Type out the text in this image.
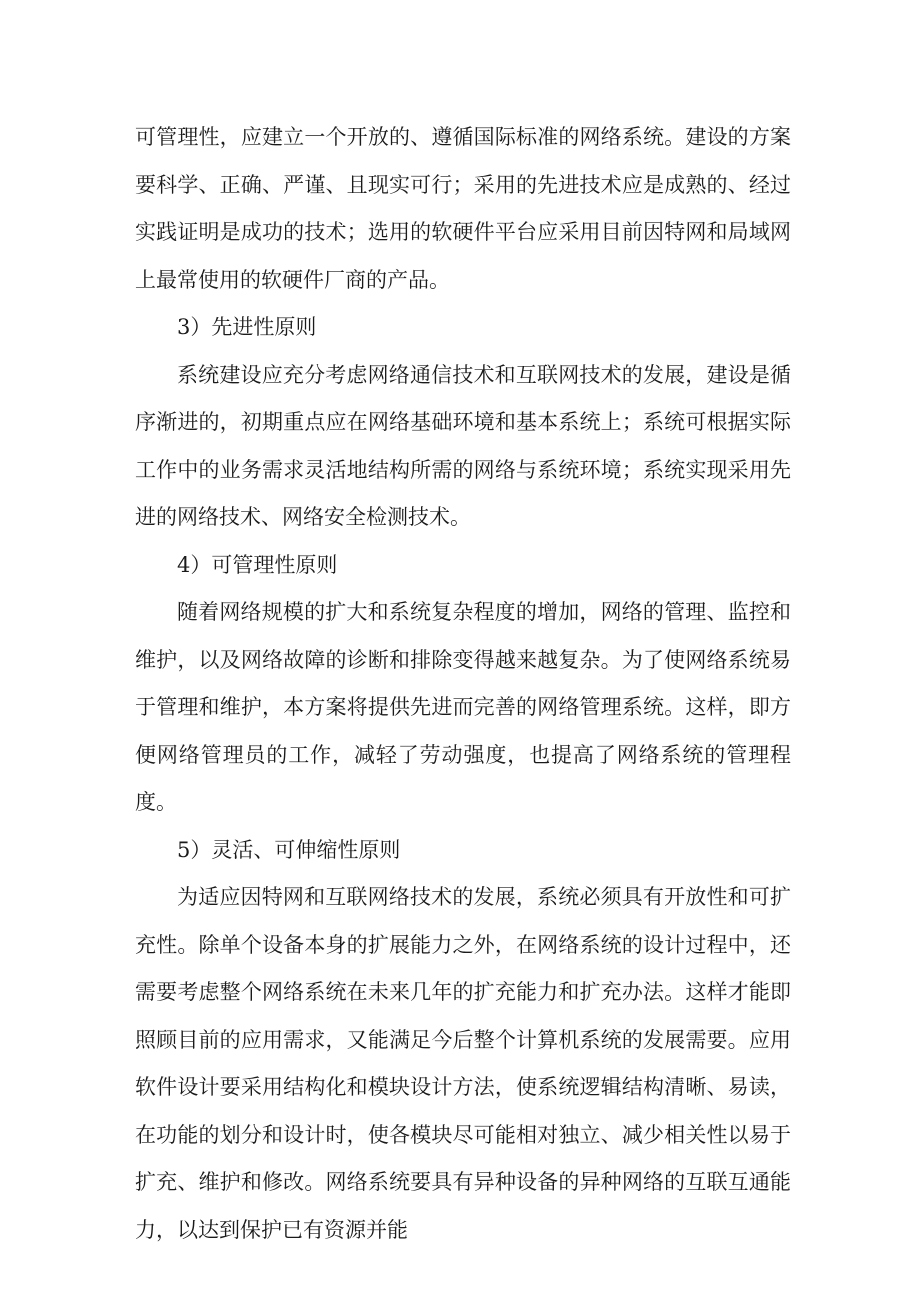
可管理性，应建立一个开放的、遵循国际标准的网络系统。建设的方案要科学、正确、严谨、且现实可行；采用的先进技术应是成熟的、经过实践证明是成功的技术；选用的软硬件平台应采用目前因特网和局域网上最常使用的软硬件厂商的产品。

3）先进性原则

系统建设应充分考虑网络通信技术和互联网技术的发展，建设是循序渐进的，初期重点应在网络基础环境和基本系统上；系统可根据实际工作中的业务需求灵活地结构所需的网络与系统环境；系统实现采用先进的网络技术、网络安全检测技术。

4）可管理性原则

随着网络规模的扩大和系统复杂程度的增加，网络的管理、监控和维护，以及网络故障的诊断和排除变得越来越复杂。为了使网络系统易于管理和维护，本方案将提供先进而完善的网络管理系统。这样，即方便网络管理员的工作，减轻了劳动强度，也提高了网络系统的管理程度。

5）灵活、可伸缩性原则

为适应因特网和互联网络技术的发展，系统必须具有开放性和可扩充性。除单个设备本身的扩展能力之外，在网络系统的设计过程中，还需要考虑整个网络系统在未来几年的扩充能力和扩充办法。这样才能即照顾目前的应用需求，又能满足今后整个计算机系统的发展需要。应用软件设计要采用结构化和模块设计方法，使系统逻辑结构清晰、易读，在功能的划分和设计时，使各模块尽可能相对独立、减少相关性以易于扩充、维护和修改。网络系统要具有异种设备的异种网络的互联互通能力，以达到保护已有资源并能
